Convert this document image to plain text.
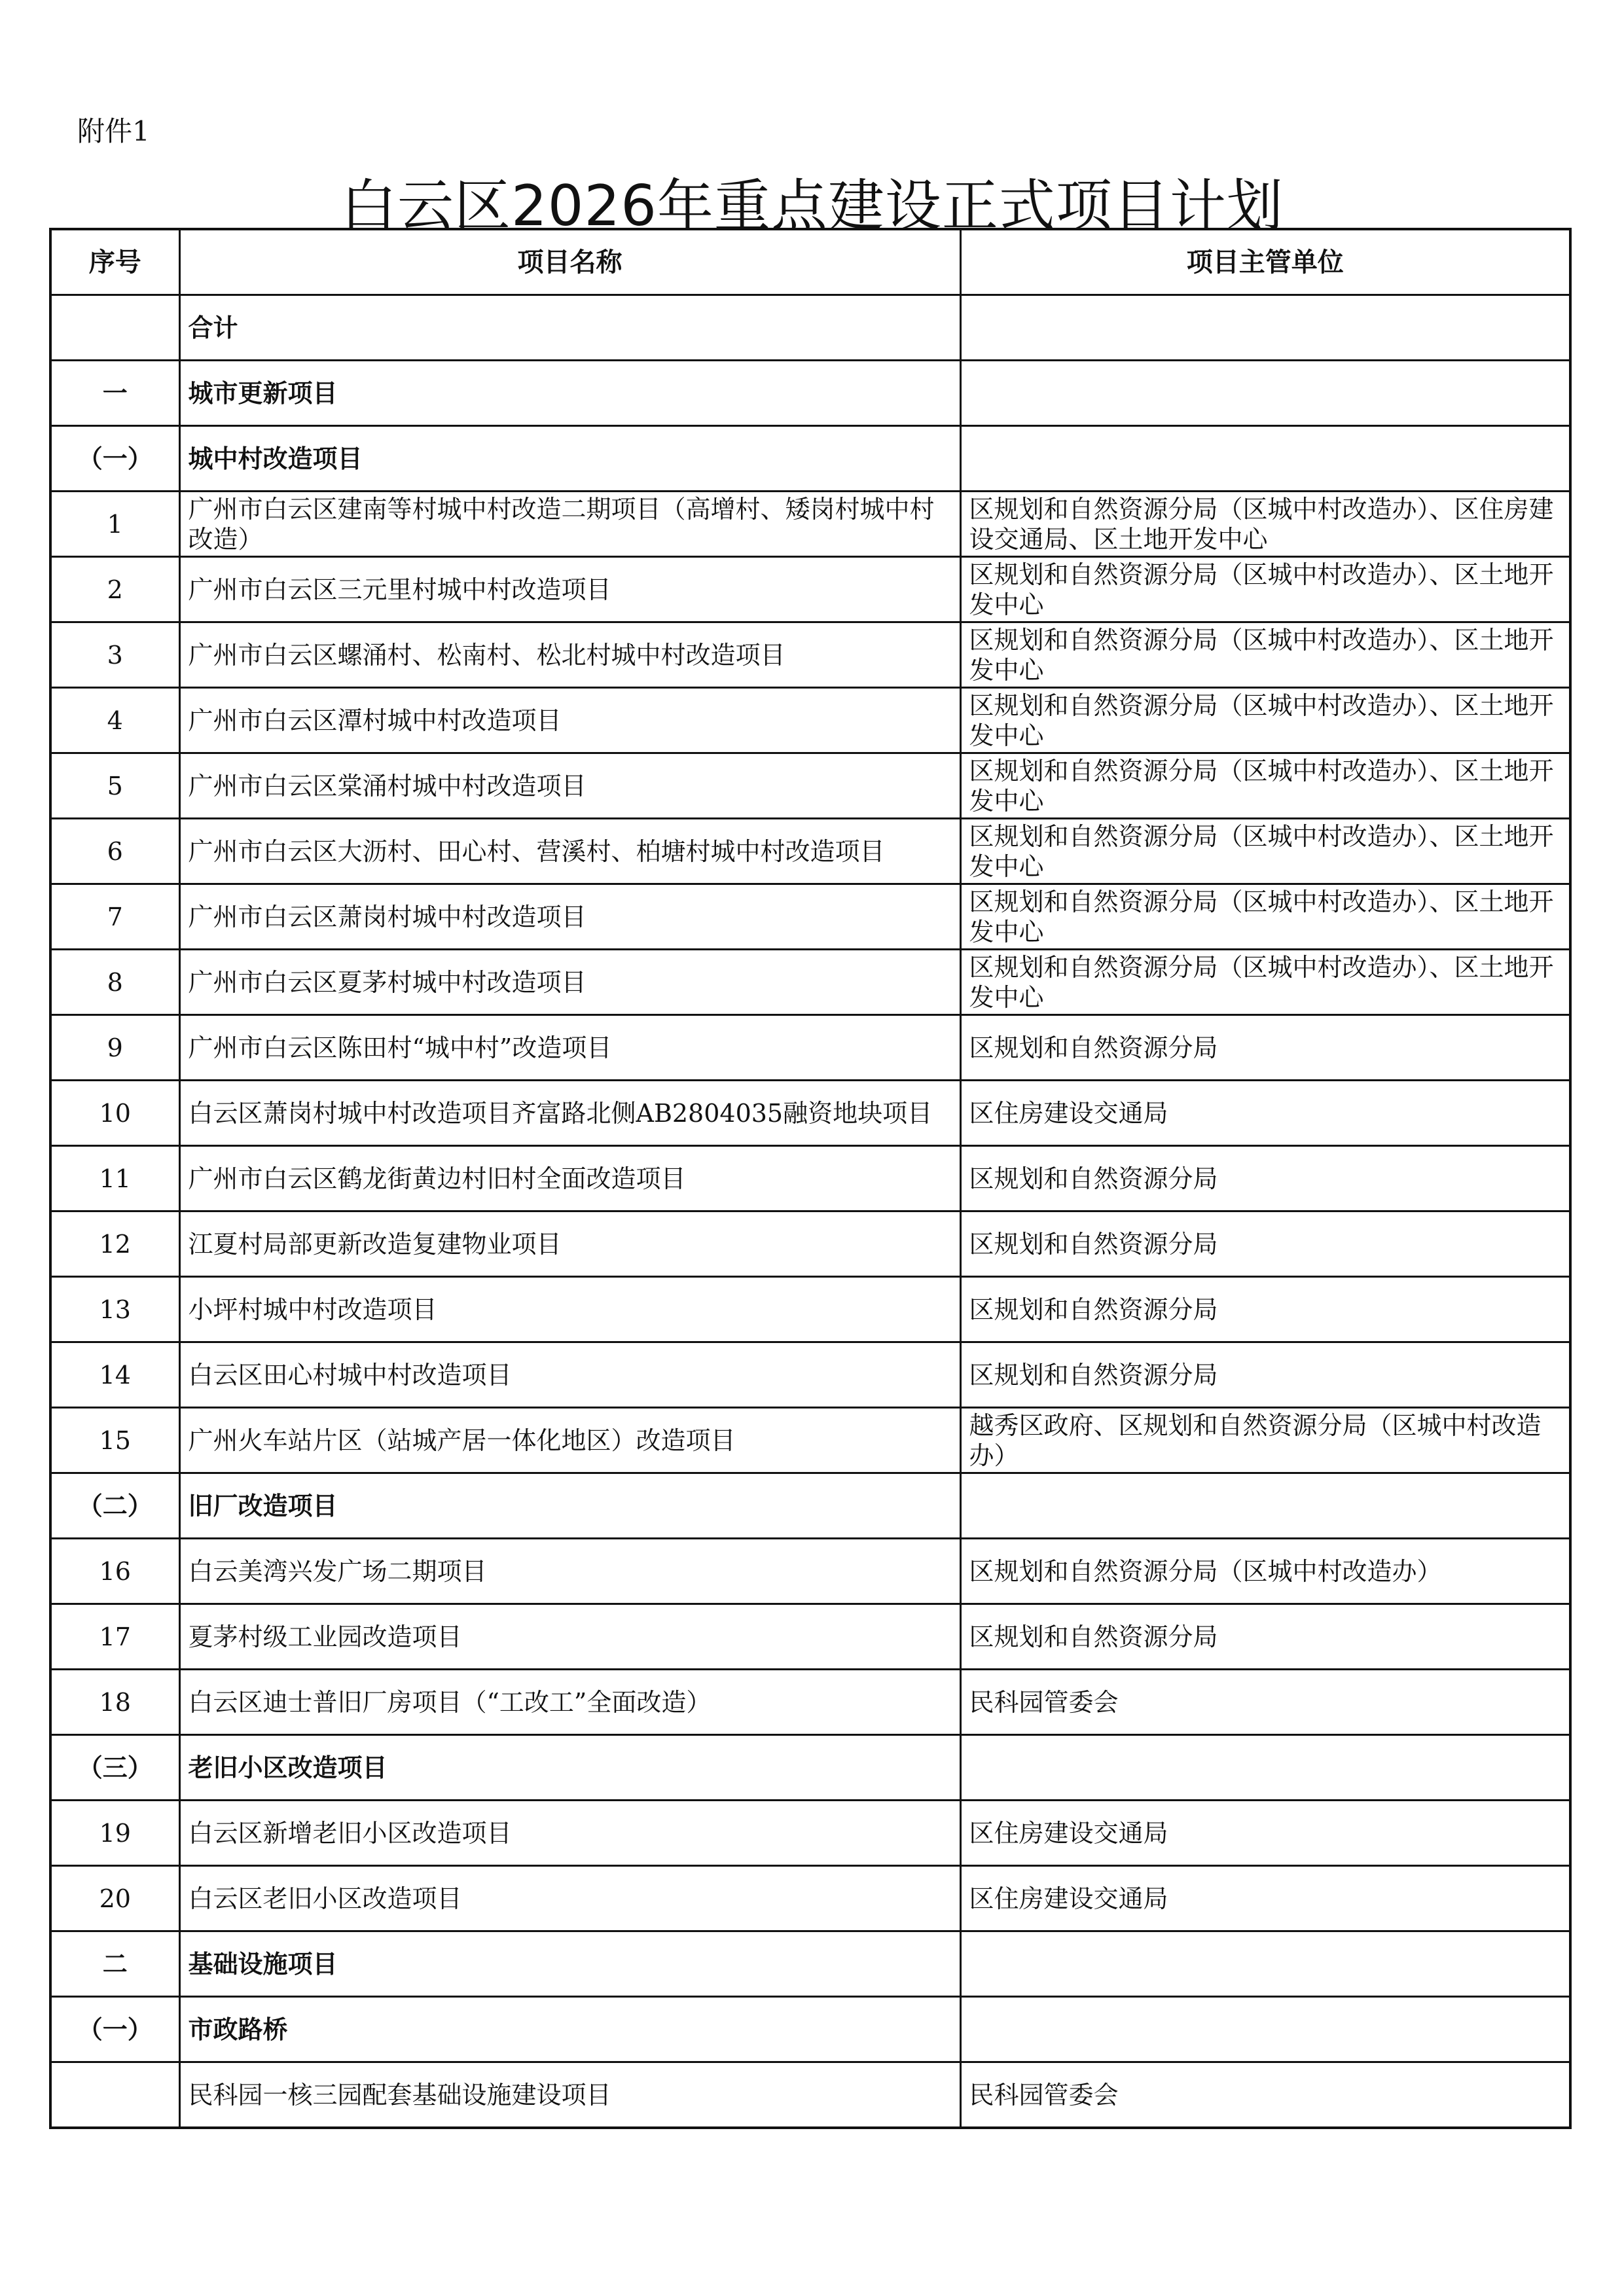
附件1
白云区2026年重点建设正式项目计划
序号	项目名称	项目主管单位
	合计	
一	城市更新项目	
（一）	城中村改造项目	
1	广州市白云区建南等村城中村改造二期项目（高增村、矮岗村城中村改造）	区规划和自然资源分局（区城中村改造办）、区住房建设交通局、区土地开发中心
2	广州市白云区三元里村城中村改造项目	区规划和自然资源分局（区城中村改造办）、区土地开发中心
3	广州市白云区螺涌村、松南村、松北村城中村改造项目	区规划和自然资源分局（区城中村改造办）、区土地开发中心
4	广州市白云区潭村城中村改造项目	区规划和自然资源分局（区城中村改造办）、区土地开发中心
5	广州市白云区棠涌村城中村改造项目	区规划和自然资源分局（区城中村改造办）、区土地开发中心
6	广州市白云区大沥村、田心村、营溪村、柏塘村城中村改造项目	区规划和自然资源分局（区城中村改造办）、区土地开发中心
7	广州市白云区萧岗村城中村改造项目	区规划和自然资源分局（区城中村改造办）、区土地开发中心
8	广州市白云区夏茅村城中村改造项目	区规划和自然资源分局（区城中村改造办）、区土地开发中心
9	广州市白云区陈田村“城中村”改造项目	区规划和自然资源分局
10	白云区萧岗村城中村改造项目齐富路北侧AB2804035融资地块项目	区住房建设交通局
11	广州市白云区鹤龙街黄边村旧村全面改造项目	区规划和自然资源分局
12	江夏村局部更新改造复建物业项目	区规划和自然资源分局
13	小坪村城中村改造项目	区规划和自然资源分局
14	白云区田心村城中村改造项目	区规划和自然资源分局
15	广州火车站片区（站城产居一体化地区）改造项目	越秀区政府、区规划和自然资源分局（区城中村改造办）
（二）	旧厂改造项目	
16	白云美湾兴发广场二期项目	区规划和自然资源分局（区城中村改造办）
17	夏茅村级工业园改造项目	区规划和自然资源分局
18	白云区迪士普旧厂房项目（“工改工”全面改造）	民科园管委会
（三）	老旧小区改造项目	
19	白云区新增老旧小区改造项目	区住房建设交通局
20	白云区老旧小区改造项目	区住房建设交通局
二	基础设施项目	
（一）	市政路桥	
	民科园一核三园配套基础设施建设项目	民科园管委会
